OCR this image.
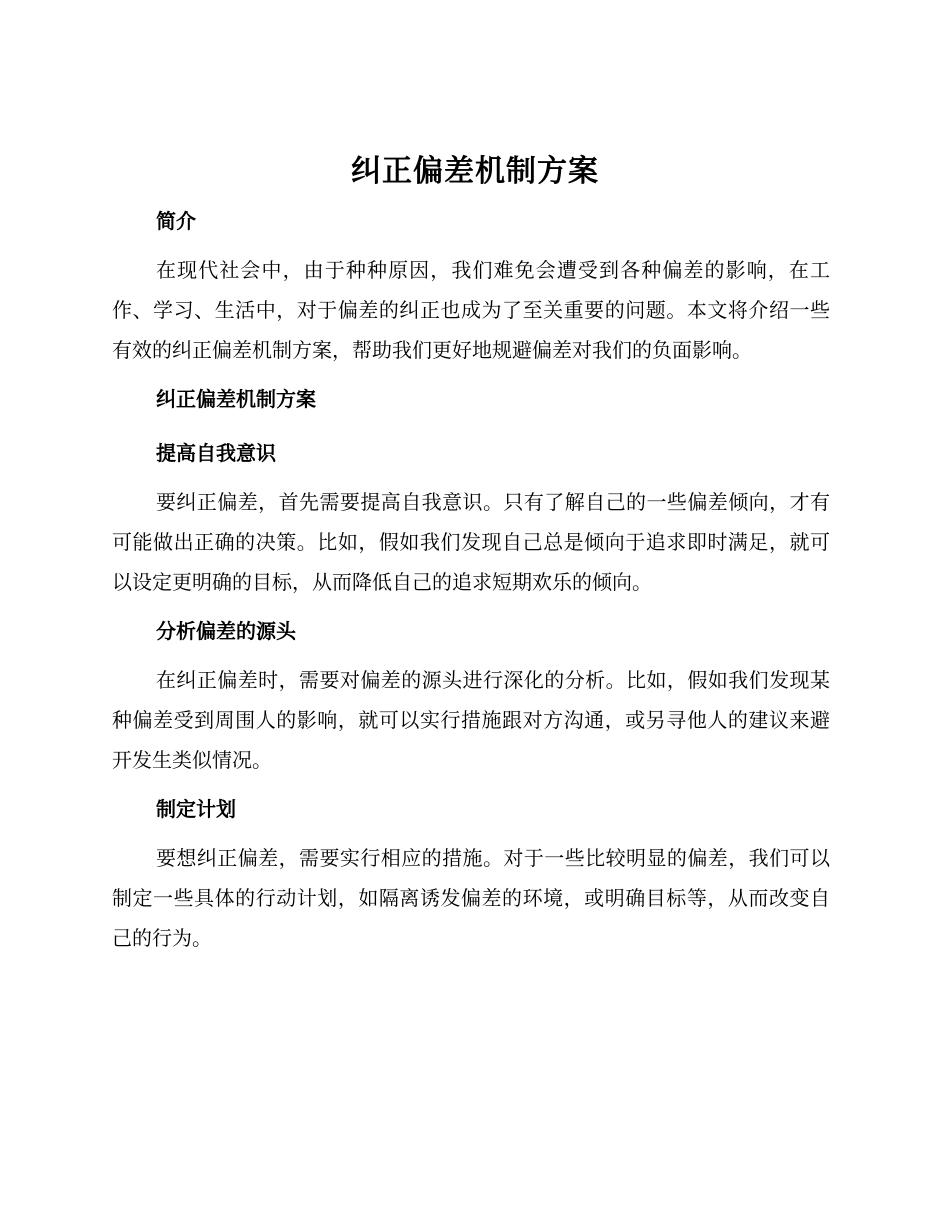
纠正偏差机制方案
简介

在现代社会中，由于种种原因，我们难免会遭受到各种偏差的影响，在工作、学习、生活中，对于偏差的纠正也成为了至关重要的问题。本文将介绍一些有效的纠正偏差机制方案，帮助我们更好地规避偏差对我们的负面影响。

纠正偏差机制方案
提高自我意识

要纠正偏差，首先需要提高自我意识。只有了解自己的一些偏差倾向，才有可能做出正确的决策。比如，假如我们发现自己总是倾向于追求即时满足，就可以设定更明确的目标，从而降低自己的追求短期欢乐的倾向。

分析偏差的源头

在纠正偏差时，需要对偏差的源头进行深化的分析。比如，假如我们发现某种偏差受到周围人的影响，就可以实行措施跟对方沟通，或另寻他人的建议来避开发生类似情况。

制定计划

要想纠正偏差，需要实行相应的措施。对于一些比较明显的偏差，我们可以制定一些具体的行动计划，如隔离诱发偏差的环境，或明确目标等，从而改变自己的行为。
